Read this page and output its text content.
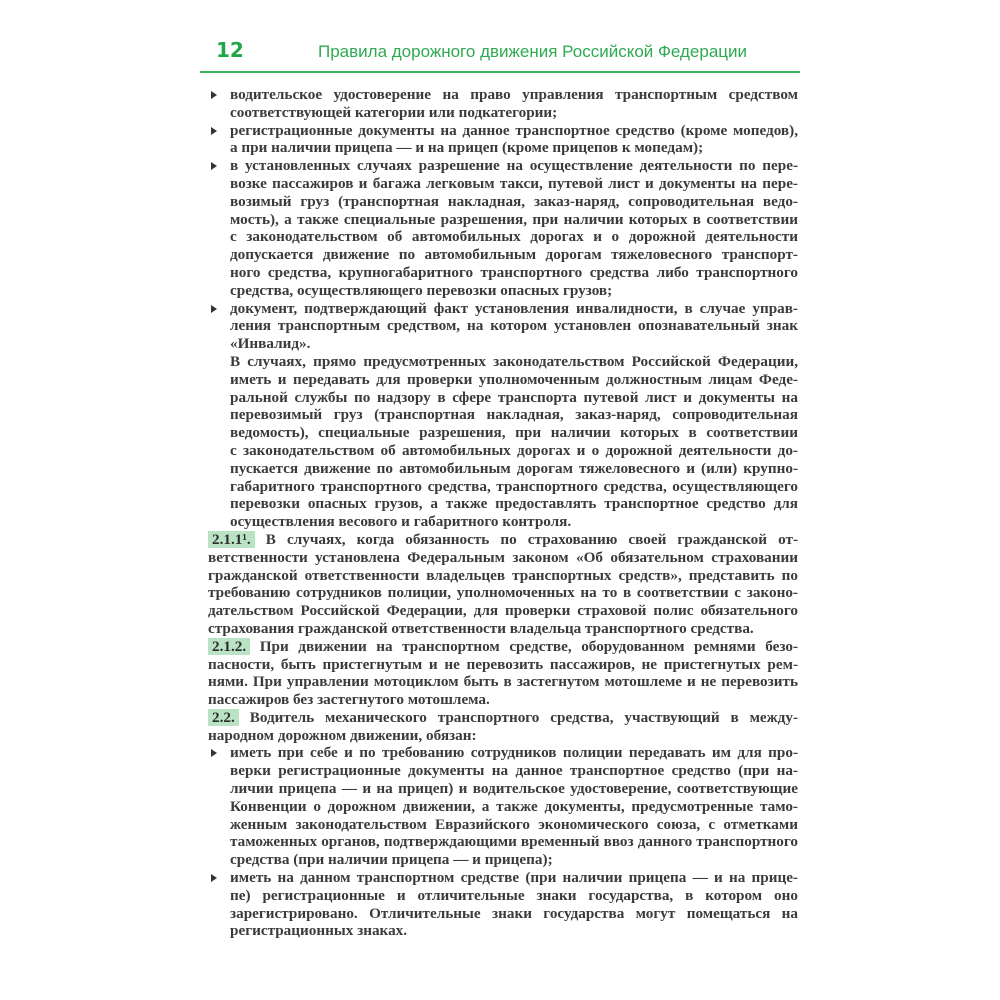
12	Правила дорожного движения Российской Федерации
водительское удостоверение на право управления транспортным средством
соответствующей категории или подкатегории;
регистрационные документы на данное транспортное средство (кроме мопедов),
а при наличии прицепа — и на прицеп (кроме прицепов к мопедам);
в установленных случаях разрешение на осуществление деятельности по пере-
возке пассажиров и багажа легковым такси, путевой лист и документы на пере-
возимый груз (транспортная накладная, заказ-наряд, сопроводительная ведо-
мость), а также специальные разрешения, при наличии которых в соответствии
с законодательством об автомобильных дорогах и о дорожной деятельности
допускается движение по автомобильным дорогам тяжеловесного транспорт-
ного средства, крупногабаритного транспортного средства либо транспортного
средства, осуществляющего перевозки опасных грузов;
документ, подтверждающий факт установления инвалидности, в случае управ-
ления транспортным средством, на котором установлен опознавательный знак
«Инвалид».
В случаях, прямо предусмотренных законодательством Российской Федерации,
иметь и передавать для проверки уполномоченным должностным лицам Феде-
ральной службы по надзору в сфере транспорта путевой лист и документы на
перевозимый груз (транспортная накладная, заказ-наряд, сопроводительная
ведомость), специальные разрешения, при наличии которых в соответствии
с законодательством об автомобильных дорогах и о дорожной деятельности до-
пускается движение по автомобильным дорогам тяжеловесного и (или) крупно-
габаритного транспортного средства, транспортного средства, осуществляющего
перевозки опасных грузов, а также предоставлять транспортное средство для
осуществления весового и габаритного контроля.
2.1.1¹. В случаях, когда обязанность по страхованию своей гражданской от-
ветственности установлена Федеральным законом «Об обязательном страховании
гражданской ответственности владельцев транспортных средств», представить по
требованию сотрудников полиции, уполномоченных на то в соответствии с законо-
дательством Российской Федерации, для проверки страховой полис обязательного
страхования гражданской ответственности владельца транспортного средства.
2.1.2. При движении на транспортном средстве, оборудованном ремнями безо-
пасности, быть пристегнутым и не перевозить пассажиров, не пристегнутых рем-
нями. При управлении мотоциклом быть в застегнутом мотошлеме и не перевозить
пассажиров без застегнутого мотошлема.
2.2. Водитель механического транспортного средства, участвующий в между-
народном дорожном движении, обязан:
иметь при себе и по требованию сотрудников полиции передавать им для про-
верки регистрационные документы на данное транспортное средство (при на-
личии прицепа — и на прицеп) и водительское удостоверение, соответствующие
Конвенции о дорожном движении, а также документы, предусмотренные тамо-
женным законодательством Евразийского экономического союза, с отметками
таможенных органов, подтверждающими временный ввоз данного транспортного
средства (при наличии прицепа — и прицепа);
иметь на данном транспортном средстве (при наличии прицепа — и на прице-
пе) регистрационные и отличительные знаки государства, в котором оно
зарегистрировано. Отличительные знаки государства могут помещаться на
регистрационных знаках.
